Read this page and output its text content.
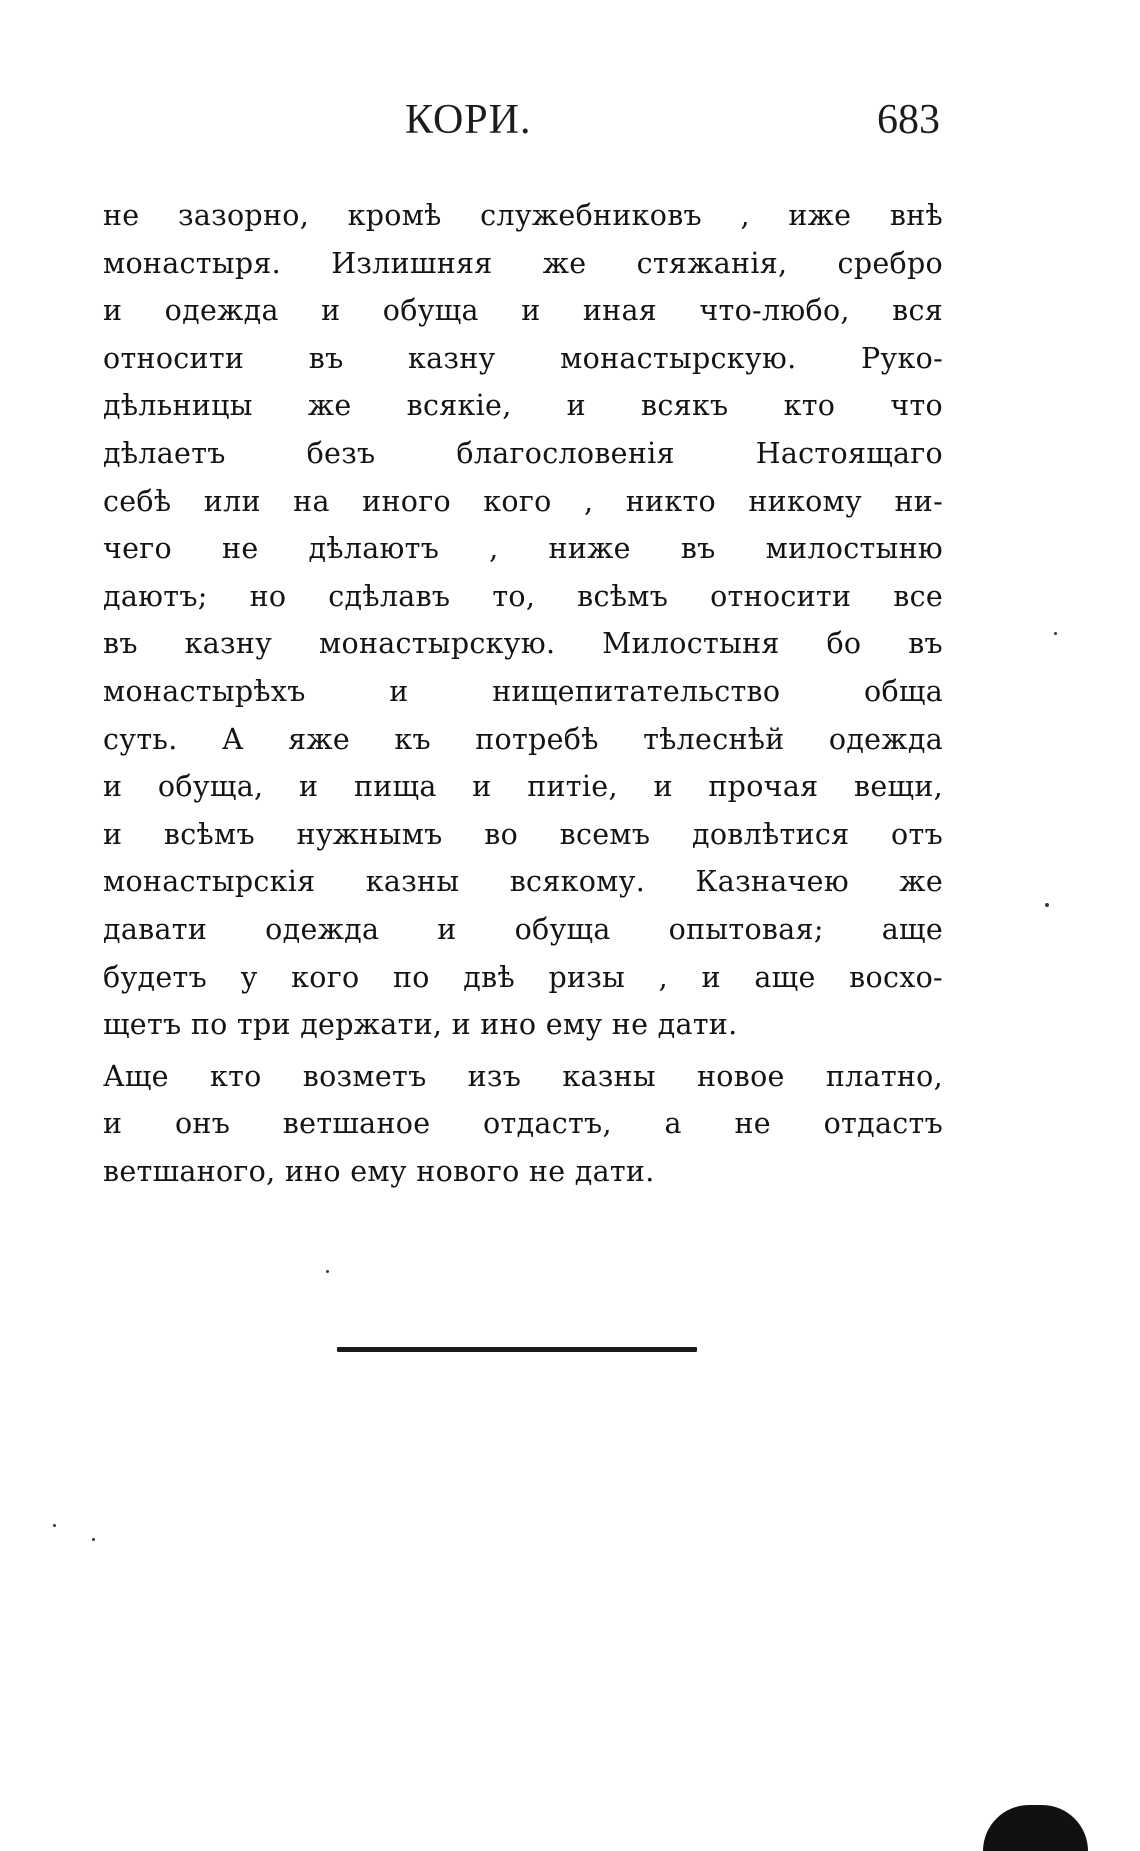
КОРИ.	683
не зазорно, кромѣ служебниковъ , иже внѣ
монастыря. Излишняя же стяжанія, сребро
и одежда и обуща и иная что-любо, вся
относити въ казну монастырскую. Руко-
дѣльницы же всякіе, и всякъ кто что
дѣлаетъ безъ благословенія Настоящаго
себѣ или на иного кого , никто никому ни-
чего не дѣлаютъ , ниже въ милостыню
даютъ; но сдѣлавъ то, всѣмъ относити все
въ казну монастырскую. Милостыня бо въ
монастырѣхъ и нищепитательство обща
суть. А яже къ потребѣ тѣлеснѣй одежда
и обуща, и пища и питіе, и прочая вещи,
и всѣмъ нужнымъ во всемъ довлѣтися отъ
монастырскія казны всякому. Казначею же
давати одежда и обуща опытовая; аще
будетъ у кого по двѣ ризы , и аще восхо-
щетъ по три держати, и ино ему не дати.
Аще кто возметъ изъ казны новое платно,
и онъ ветшаное отдастъ, а не отдастъ
ветшаного, ино ему нового не дати.
